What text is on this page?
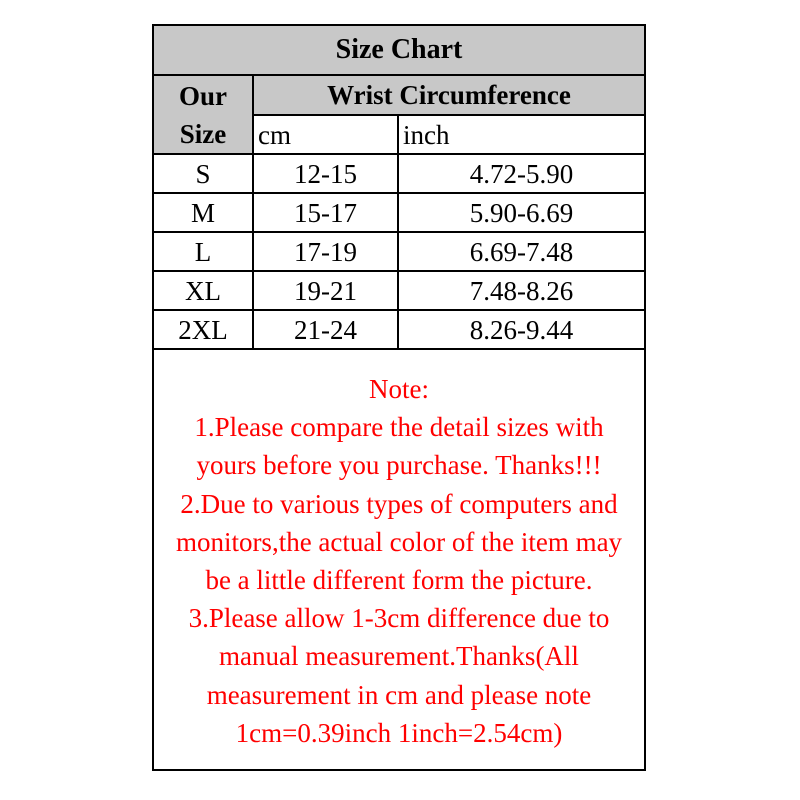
Size Chart		
Our
Size	Wrist Circumference	
	cm	inch
S	12-15	4.72-5.90
M	15-17	5.90-6.69
L	17-19	6.69-7.48
XL	19-21	7.48-8.26
2XL	21-24	8.26-9.44
Note:
1.Please compare the detail sizes with
yours before you purchase. Thanks!!!
2.Due to various types of computers and
monitors,the actual color of the item may
be a little different form the picture.
3.Please allow 1-3cm difference due to
manual measurement.Thanks(All
measurement in cm and please note
1cm=0.39inch 1inch=2.54cm)
